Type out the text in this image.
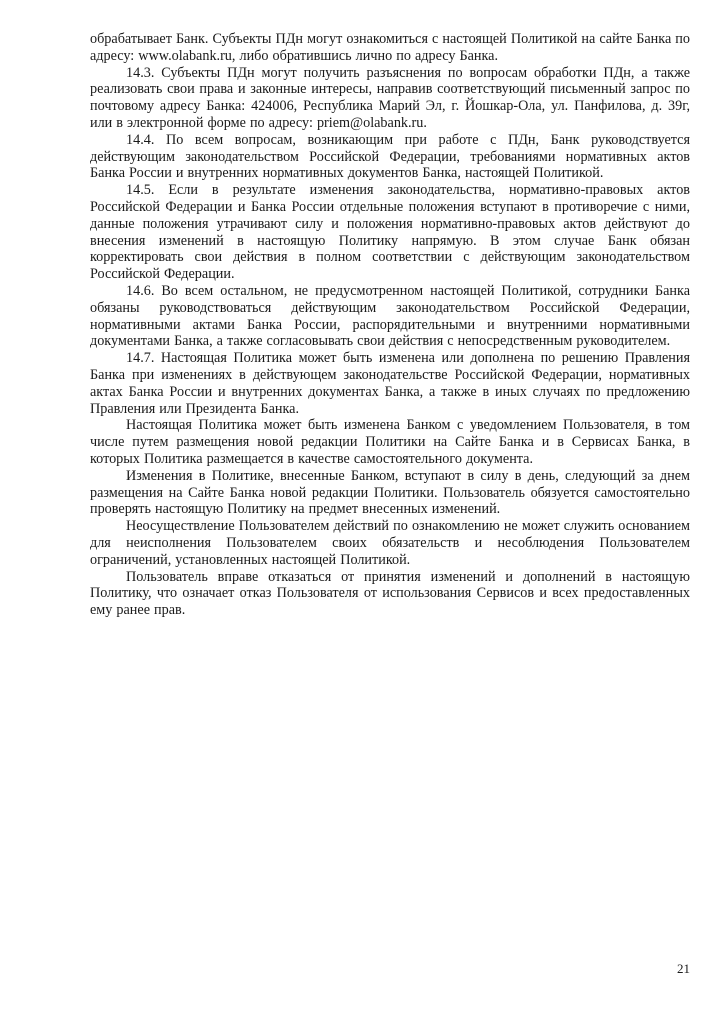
обрабатывает Банк. Субъекты ПДн могут ознакомиться с настоящей Политикой на сайте Банка по адресу: www.olabank.ru, либо обратившись лично по адресу Банка.

14.3. Субъекты ПДн могут получить разъяснения по вопросам обработки ПДн, а также реализовать свои права и законные интересы, направив соответствующий письменный запрос по почтовому адресу Банка: 424006, Республика Марий Эл, г. Йошкар-Ола, ул. Панфилова, д. 39г, или в электронной форме по адресу: priem@olabank.ru.

14.4. По всем вопросам, возникающим при работе с ПДн, Банк руководствуется действующим законодательством Российской Федерации, требованиями нормативных актов Банка России и внутренних нормативных документов Банка, настоящей Политикой.

14.5. Если в результате изменения законодательства, нормативно-правовых актов Российской Федерации и Банка России отдельные положения вступают в противоречие с ними, данные положения утрачивают силу и положения нормативно-правовых актов действуют до внесения изменений в настоящую Политику напрямую. В этом случае Банк обязан корректировать свои действия в полном соответствии с действующим законодательством Российской Федерации.

14.6. Во всем остальном, не предусмотренном настоящей Политикой, сотрудники Банка обязаны руководствоваться действующим законодательством Российской Федерации, нормативными актами Банка России, распорядительными и внутренними нормативными документами Банка, а также согласовывать свои действия с непосредственным руководителем.

14.7. Настоящая Политика может быть изменена или дополнена по решению Правления Банка при изменениях в действующем законодательстве Российской Федерации, нормативных актах Банка России и внутренних документах Банка, а также в иных случаях по предложению Правления или Президента Банка.

Настоящая Политика может быть изменена Банком с уведомлением Пользователя, в том числе путем размещения новой редакции Политики на Сайте Банка и в Сервисах Банка, в которых Политика размещается в качестве самостоятельного документа.

Изменения в Политике, внесенные Банком, вступают в силу в день, следующий за днем размещения на Сайте Банка новой редакции Политики. Пользователь обязуется самостоятельно проверять настоящую Политику на предмет внесенных изменений.

Неосуществление Пользователем действий по ознакомлению не может служить основанием для неисполнения Пользователем своих обязательств и несоблюдения Пользователем ограничений, установленных настоящей Политикой.

Пользователь вправе отказаться от принятия изменений и дополнений в настоящую Политику, что означает отказ Пользователя от использования Сервисов и всех предоставленных ему ранее прав.

21
